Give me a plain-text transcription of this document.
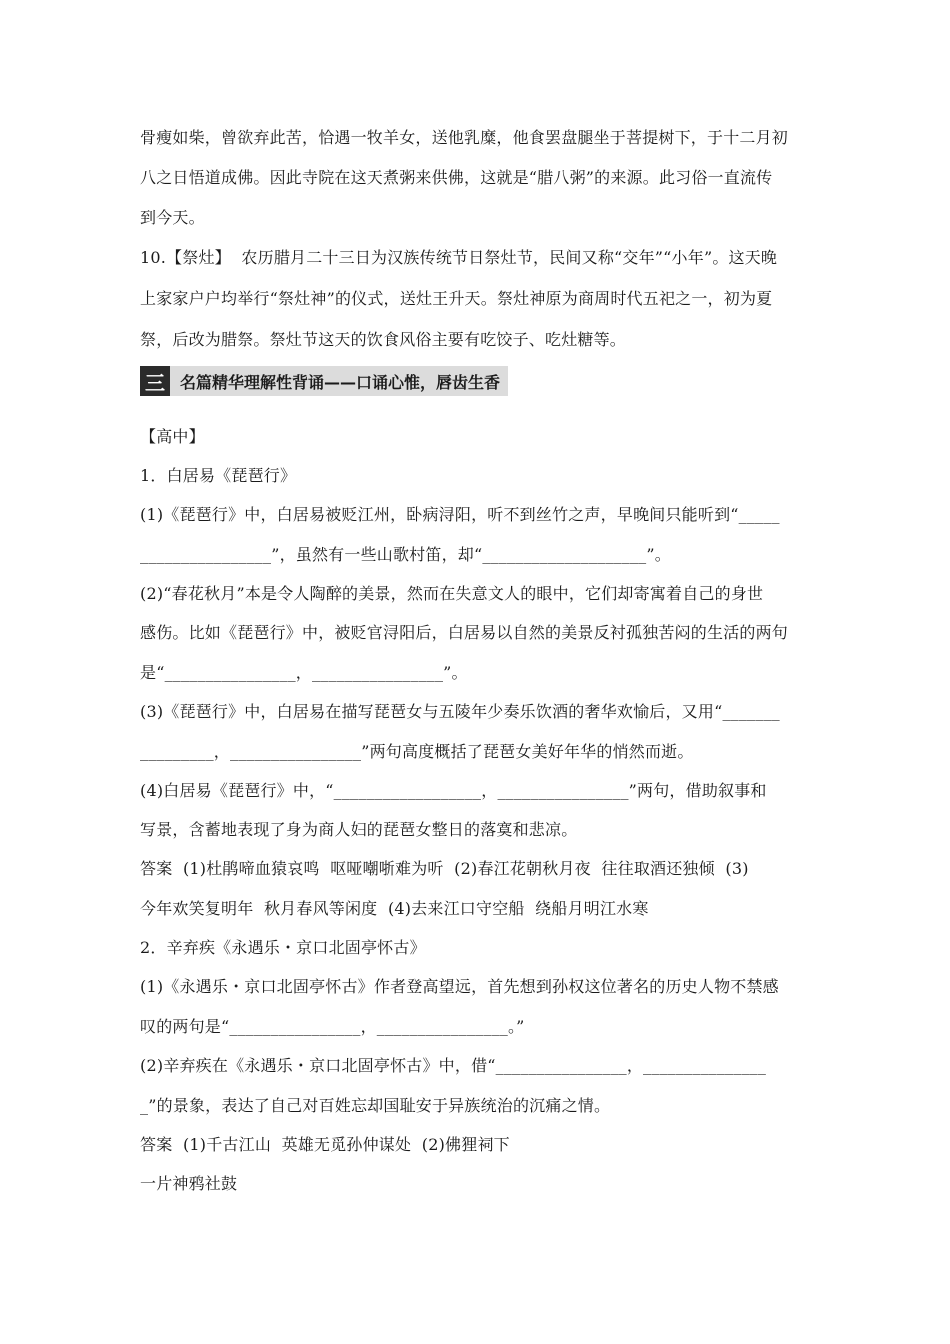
骨瘦如柴，曾欲弃此苦，恰遇一牧羊女，送他乳糜，他食罢盘腿坐于菩提树下，于十二月初
八之日悟道成佛。因此寺院在这天煮粥来供佛，这就是“腊八粥”的来源。此习俗一直流传
到今天。
10.【祭灶】  农历腊月二十三日为汉族传统节日祭灶节，民间又称“交年”“小年”。这天晚
上家家户户均举行“祭灶神”的仪式，送灶王升天。祭灶神原为商周时代五祀之一，初为夏
祭，后改为腊祭。祭灶节这天的饮食风俗主要有吃饺子、吃灶糖等。
三 名篇精华理解性背诵——口诵心惟，唇齿生香
【高中】
1．白居易《琵琶行》
(1)《琵琶行》中，白居易被贬江州，卧病浔阳，听不到丝竹之声，早晚间只能听到“_____
________________”，虽然有一些山歌村笛，却“____________________”。
(2)“春花秋月”本是令人陶醉的美景，然而在失意文人的眼中，它们却寄寓着自己的身世
感伤。比如《琵琶行》中，被贬官浔阳后，白居易以自然的美景反衬孤独苦闷的生活的两句
是“________________，________________”。
(3)《琵琶行》中，白居易在描写琵琶女与五陵年少奏乐饮酒的奢华欢愉后，又用“_______
_________，________________”两句高度概括了琵琶女美好年华的悄然而逝。
(4)白居易《琵琶行》中，“__________________，________________”两句，借助叙事和
写景，含蓄地表现了身为商人妇的琵琶女整日的落寞和悲凉。
答案  (1)杜鹃啼血猿哀鸣  呕哑嘲哳难为听  (2)春江花朝秋月夜  往往取酒还独倾  (3)
今年欢笑复明年  秋月春风等闲度  (4)去来江口守空船  绕船月明江水寒
2．辛弃疾《永遇乐・京口北固亭怀古》
(1)《永遇乐・京口北固亭怀古》作者登高望远，首先想到孙权这位著名的历史人物不禁感
叹的两句是“________________，________________。”
(2)辛弃疾在《永遇乐・京口北固亭怀古》中，借“________________，_______________
_”的景象，表达了自己对百姓忘却国耻安于异族统治的沉痛之情。
答案  (1)千古江山  英雄无觅孙仲谋处  (2)佛狸祠下
一片神鸦社鼓
